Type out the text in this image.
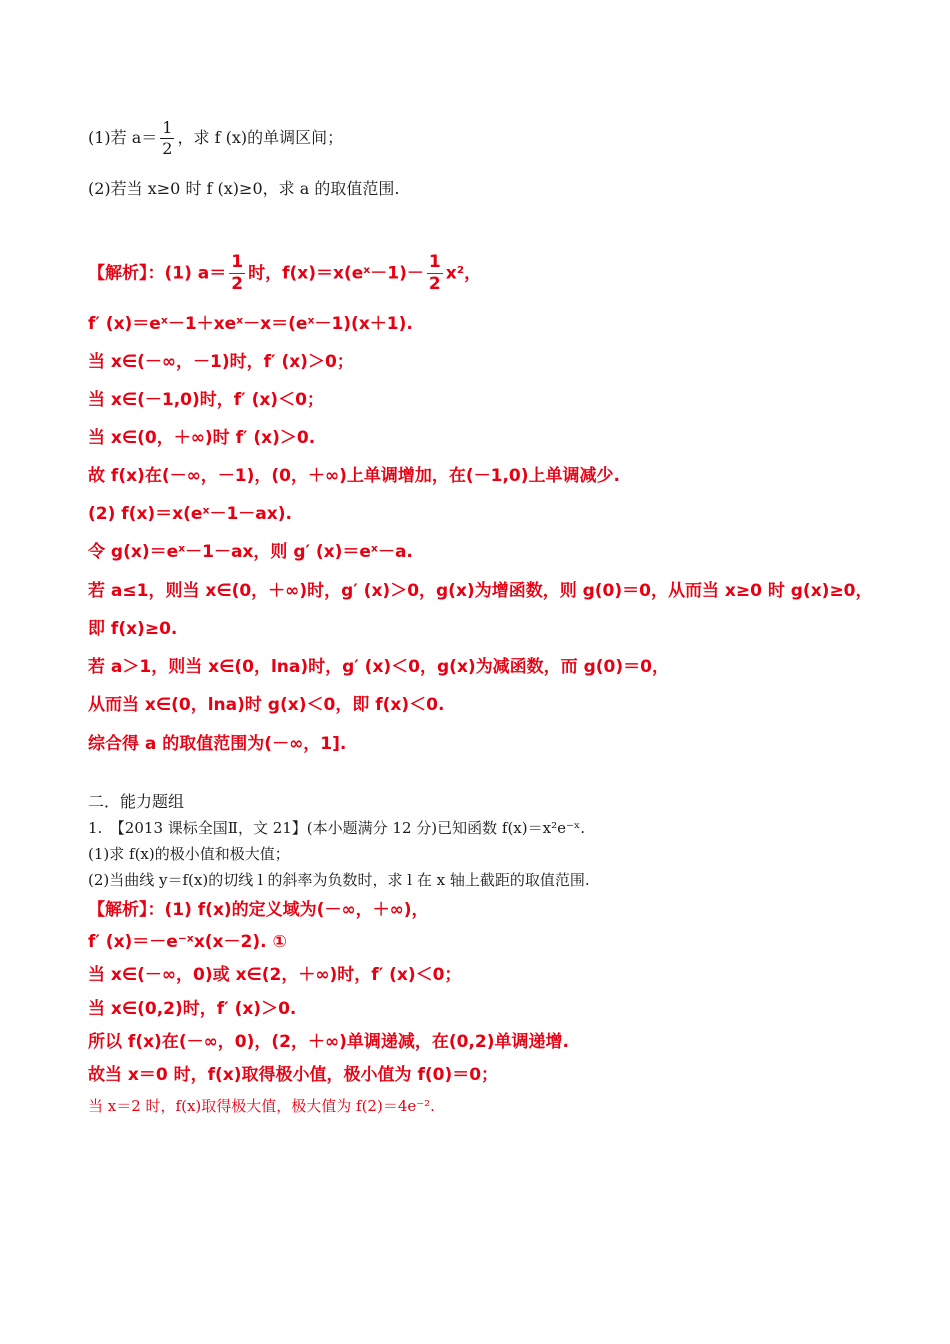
(1)若 $a= \frac{1}{2}$ ，求 f (x)的单调区间；
(2)若当 x≥0 时 f (x)≥0，求 a 的取值范围.
【解析】：(1) $a= \frac{1}{2}$ 时，f(x)＝x(eˣ－1)－ $\frac{1}{2} x^2$，
f′ (x)＝eˣ－1＋xeˣ－x＝(eˣ－1)(x＋1).
当 x∈(－∞，－1)时，f′ (x)＞0；
当 x∈(－1,0)时，f′ (x)＜0；
当 x∈(0，＋∞)时 f′ (x)＞0.
故 f(x)在(－∞，－1)，(0，＋∞)上单调增加，在(－1,0)上单调减少.
(2) f(x)＝x(eˣ－1－ax).
令 g(x)＝eˣ－1－ax，则 g′ (x)＝eˣ－a.
若 a≤1，则当 x∈(0，＋∞)时，g′ (x)＞0，g(x)为增函数，则 g(0)＝0，从而当 x≥0 时 g(x)≥0，
即 f(x)≥0.
若 a＞1，则当 x∈(0，lna)时，g′ (x)＜0，g(x)为减函数，而 g(0)＝0，
从而当 x∈(0，lna)时 g(x)＜0，即 f(x)＜0.
综合得 a 的取值范围为(－∞，1].
二．能力题组
1.　【2013 课标全国Ⅱ，文 21】(本小题满分 12 分)已知函数 f(x)＝x²e⁻ˣ.
(1)求 f(x)的极小值和极大值；
(2)当曲线 y＝f(x)的切线 l 的斜率为负数时，求 l 在 x 轴上截距的取值范围.
【解析】：(1) f(x)的定义域为(－∞，＋∞)，
f′ (x)＝－e⁻ˣx(x－2). ①
当 x∈(－∞，0)或 x∈(2，＋∞)时，f′ (x)＜0；
当 x∈(0,2)时，f′ (x)＞0.
所以 f(x)在(－∞，0)，(2，＋∞)单调递减，在(0,2)单调递增.
故当 x＝0 时，f(x)取得极小值，极小值为 f(0)＝0；
当 x＝2 时，f(x)取得极大值，极大值为 f(2)＝4e⁻².
